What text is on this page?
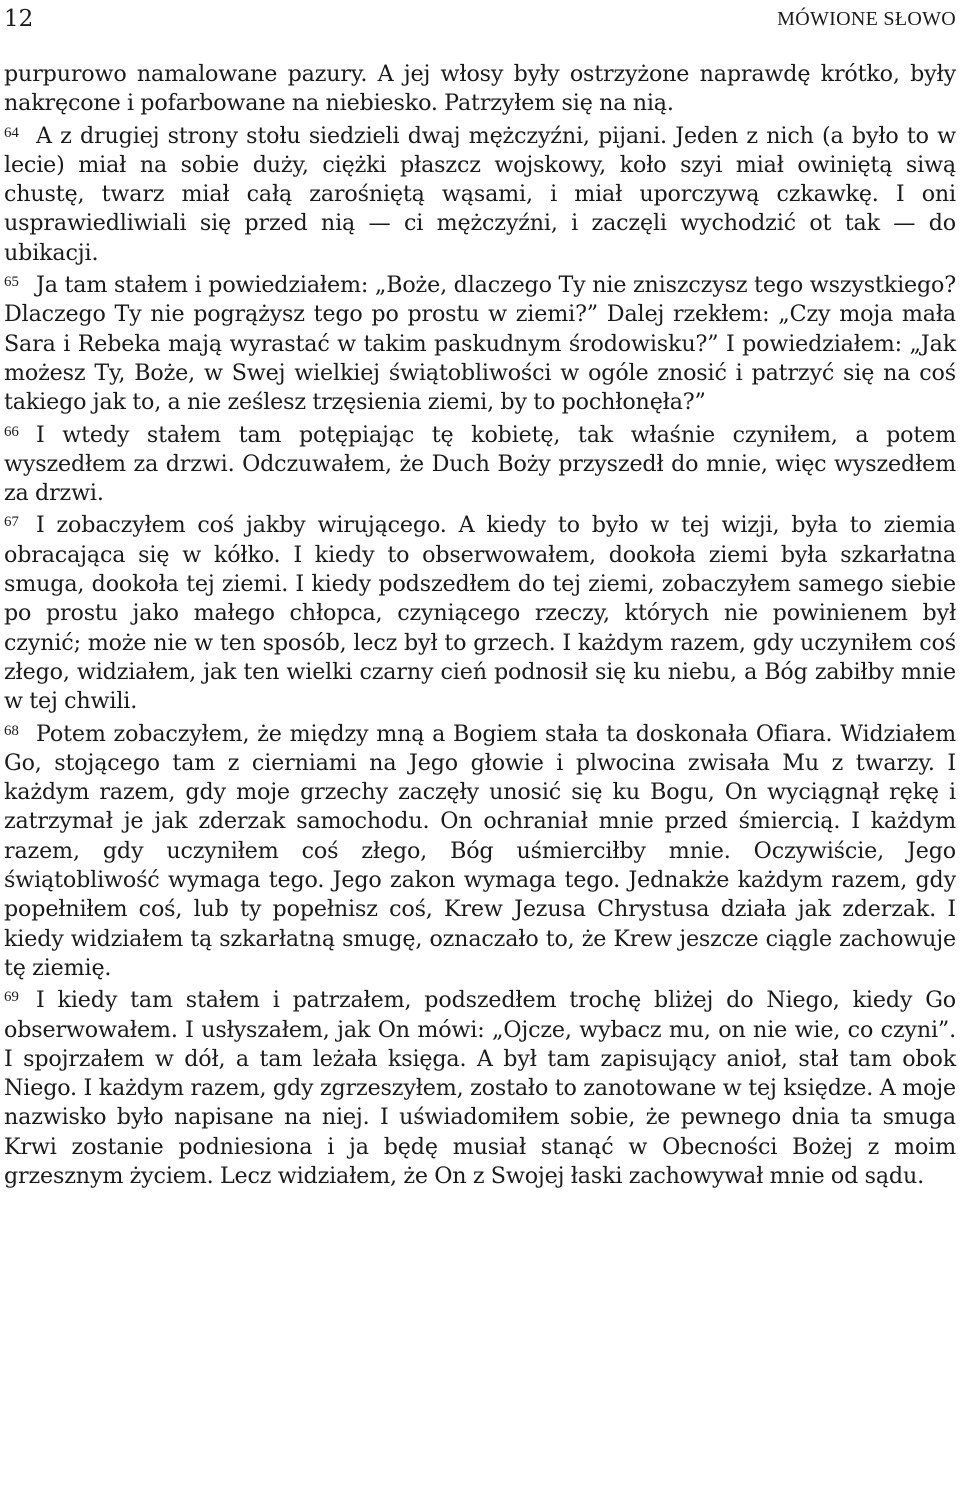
12	MÓWIONE SŁOWO

purpurowo namalowane pazury. A jej włosy były ostrzyżone naprawdę krótko, były nakręcone i pofarbowane na niebiesko. Patrzyłem się na nią.

64 A z drugiej strony stołu siedzieli dwaj mężczyźni, pijani. Jeden z nich (a było to w lecie) miał na sobie duży, ciężki płaszcz wojskowy, koło szyi miał owiniętą siwą chustę, twarz miał całą zarośniętą wąsami, i miał uporczywą czkawkę. I oni usprawiedliwiali się przed nią — ci mężczyźni, i zaczęli wychodzić ot tak — do ubikacji.

65 Ja tam stałem i powiedziałem: „Boże, dlaczego Ty nie zniszczysz tego wszystkiego? Dlaczego Ty nie pogrążysz tego po prostu w ziemi?” Dalej rzekłem: „Czy moja mała Sara i Rebeka mają wyrastać w takim paskudnym środowisku?” I powiedziałem: „Jak możesz Ty, Boże, w Swej wielkiej świątobliwości w ogóle znosić i patrzyć się na coś takiego jak to, a nie ześlesz trzęsienia ziemi, by to pochłonęła?”

66 I wtedy stałem tam potępiając tę kobietę, tak właśnie czyniłem, a potem wyszedłem za drzwi. Odczuwałem, że Duch Boży przyszedł do mnie, więc wyszedłem za drzwi.

67 I zobaczyłem coś jakby wirującego. A kiedy to było w tej wizji, była to ziemia obracająca się w kółko. I kiedy to obserwowałem, dookoła ziemi była szkarłatna smuga, dookoła tej ziemi. I kiedy podszedłem do tej ziemi, zobaczyłem samego siebie po prostu jako małego chłopca, czyniącego rzeczy, których nie powinienem był czynić; może nie w ten sposób, lecz był to grzech. I każdym razem, gdy uczyniłem coś złego, widziałem, jak ten wielki czarny cień podnosił się ku niebu, a Bóg zabiłby mnie w tej chwili.

68 Potem zobaczyłem, że między mną a Bogiem stała ta doskonała Ofiara. Widziałem Go, stojącego tam z cierniami na Jego głowie i plwocina zwisała Mu z twarzy. I każdym razem, gdy moje grzechy zaczęły unosić się ku Bogu, On wyciągnął rękę i zatrzymał je jak zderzak samochodu. On ochraniał mnie przed śmiercią. I każdym razem, gdy uczyniłem coś złego, Bóg uśmierciłby mnie. Oczywiście, Jego świątobliwość wymaga tego. Jego zakon wymaga tego. Jednakże każdym razem, gdy popełniłem coś, lub ty popełnisz coś, Krew Jezusa Chrystusa działa jak zderzak. I kiedy widziałem tą szkarłatną smugę, oznaczało to, że Krew jeszcze ciągle zachowuje tę ziemię.

69 I kiedy tam stałem i patrzałem, podszedłem trochę bliżej do Niego, kiedy Go obserwowałem. I usłyszałem, jak On mówi: „Ojcze, wybacz mu, on nie wie, co czyni”. I spojrzałem w dół, a tam leżała księga. A był tam zapisujący anioł, stał tam obok Niego. I każdym razem, gdy zgrzeszyłem, zostało to zanotowane w tej księdze. A moje nazwisko było napisane na niej. I uświadomiłem sobie, że pewnego dnia ta smuga Krwi zostanie podniesiona i ja będę musiał stanąć w Obecności Bożej z moim grzesznym życiem. Lecz widziałem, że On z Swojej łaski zachowywał mnie od sądu.
